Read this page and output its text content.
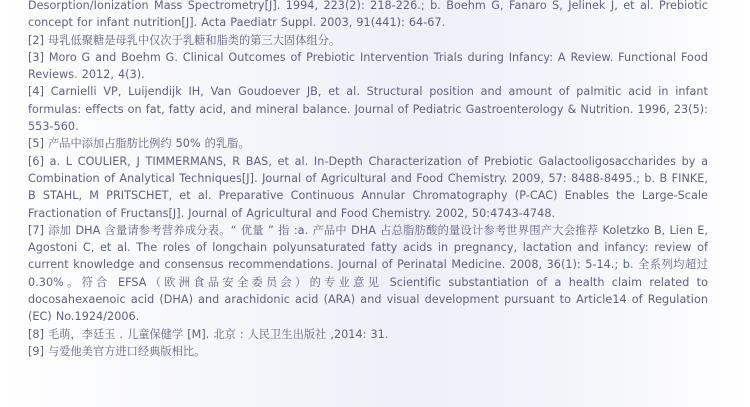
Desorption/Ionization Mass Spectrometry[J]. 1994, 223(2): 218-226.; b. Boehm G, Fanaro S, Jelinek J, et al. Prebiotic concept for infant nutrition[J]. Acta Paediatr Suppl. 2003, 91(441): 64-67.

[2] 母乳低聚糖是母乳中仅次于乳糖和脂类的第三大固体组分。

[3] Moro G and Boehm G. Clinical Outcomes of Prebiotic Intervention Trials during Infancy: A Review. Functional Food Reviews. 2012, 4(3).

[4] Carnielli VP, Luijendijk IH, Van Goudoever JB, et al. Structural position and amount of palmitic acid in infant formulas: effects on fat, fatty acid, and mineral balance. Journal of Pediatric Gastroenterology & Nutrition. 1996, 23(5): 553-560.

[5] 产品中添加占脂肪比例约 50% 的乳脂。

[6] a. L COULIER, J TIMMERMANS, R BAS, et al. In-Depth Characterization of Prebiotic Galactooligosaccharides by a Combination of Analytical Techniques[J]. Journal of Agricultural and Food Chemistry. 2009, 57: 8488-8495.; b. B FINKE, B STAHL, M PRITSCHET, et al. Preparative Continuous Annular Chromatography (P-CAC) Enables the Large-Scale Fractionation of Fructans[J]. Journal of Agricultural and Food Chemistry. 2002, 50:4743-4748.

[7] 添加 DHA 含量请参考营养成分表。“ 优量 ” 指 :a. 产品中 DHA 占总脂肪酸的量设计参考世界围产大会推荐 Koletzko B, Lien E, Agostoni C, et al. The roles of longchain polyunsaturated fatty acids in pregnancy, lactation and infancy: review of current knowledge and consensus recommendations. Journal of Perinatal Medicine. 2008, 36(1): 5-14.; b. 全系列均超过 0.30%。符合 EFSA（欧洲食品安全委员会）的专业意见 Scientific substantiation of a health claim related to docosahexaenoic acid (DHA) and arachidonic acid (ARA) and visual development pursuant to Article14 of Regulation (EC) No.1924/2006.

[8] 毛萌，李廷玉 . 儿童保健学 [M]. 北京 : 人民卫生出版社 ,2014: 31.

[9] 与爱他美官方进口经典版相比。
